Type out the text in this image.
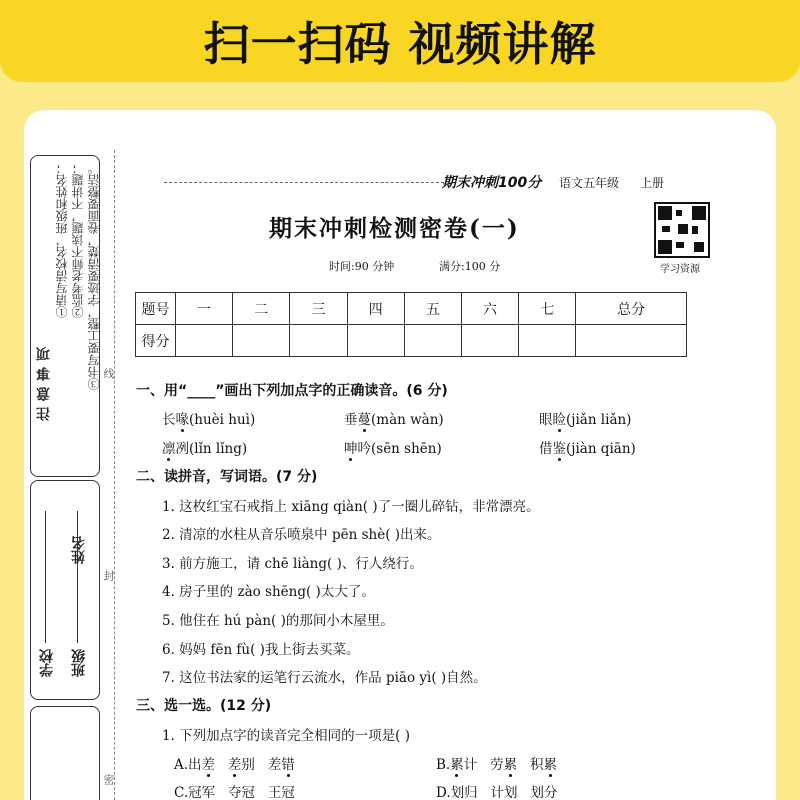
扫一扫码 视频讲解
注意事项
①请写清校名、班级和姓名； ②监考老师不读题，不讲题； ③书写要工整，字迹要清楚，卷面要整洁。
学校 班级
姓名
线
封
密
期末冲刺100分 语文五年级 上册
期末冲刺检测密卷(一)
时间:90 分钟	满分:100 分	学习资源
题号	一	二	三	四	五	六	七	总分
得分								
一、用“____”画出下列加点字的正确读音。(6 分)
长喙(huèi huì)	垂蔓(màn wàn)	眼睑(jiǎn liǎn)
凛冽(lǐn lǐng)	呻吟(sēn shēn)	借鉴(jiàn qiān)
二、读拼音，写词语。(7 分)
1. 这枚红宝石戒指上 xiāng qiàn( )了一圈儿碎钻，非常漂亮。
2. 清凉的水柱从音乐喷泉中 pēn shè( )出来。
3. 前方施工，请 chē liàng( )、行人绕行。
4. 房子里的 zào shēng( )太大了。
5. 他住在 hú pàn( )的那间小木屋里。
6. 妈妈 fēn fù( )我上街去买菜。
7. 这位书法家的运笔行云流水，作品 piāo yì( )自然。
三、选一选。(12 分)
1. 下列加点字的读音完全相同的一项是( )
A.出差 差别 差错	B.累计 劳累 积累
C.冠军 夺冠 王冠	D.划归 计划 划分
